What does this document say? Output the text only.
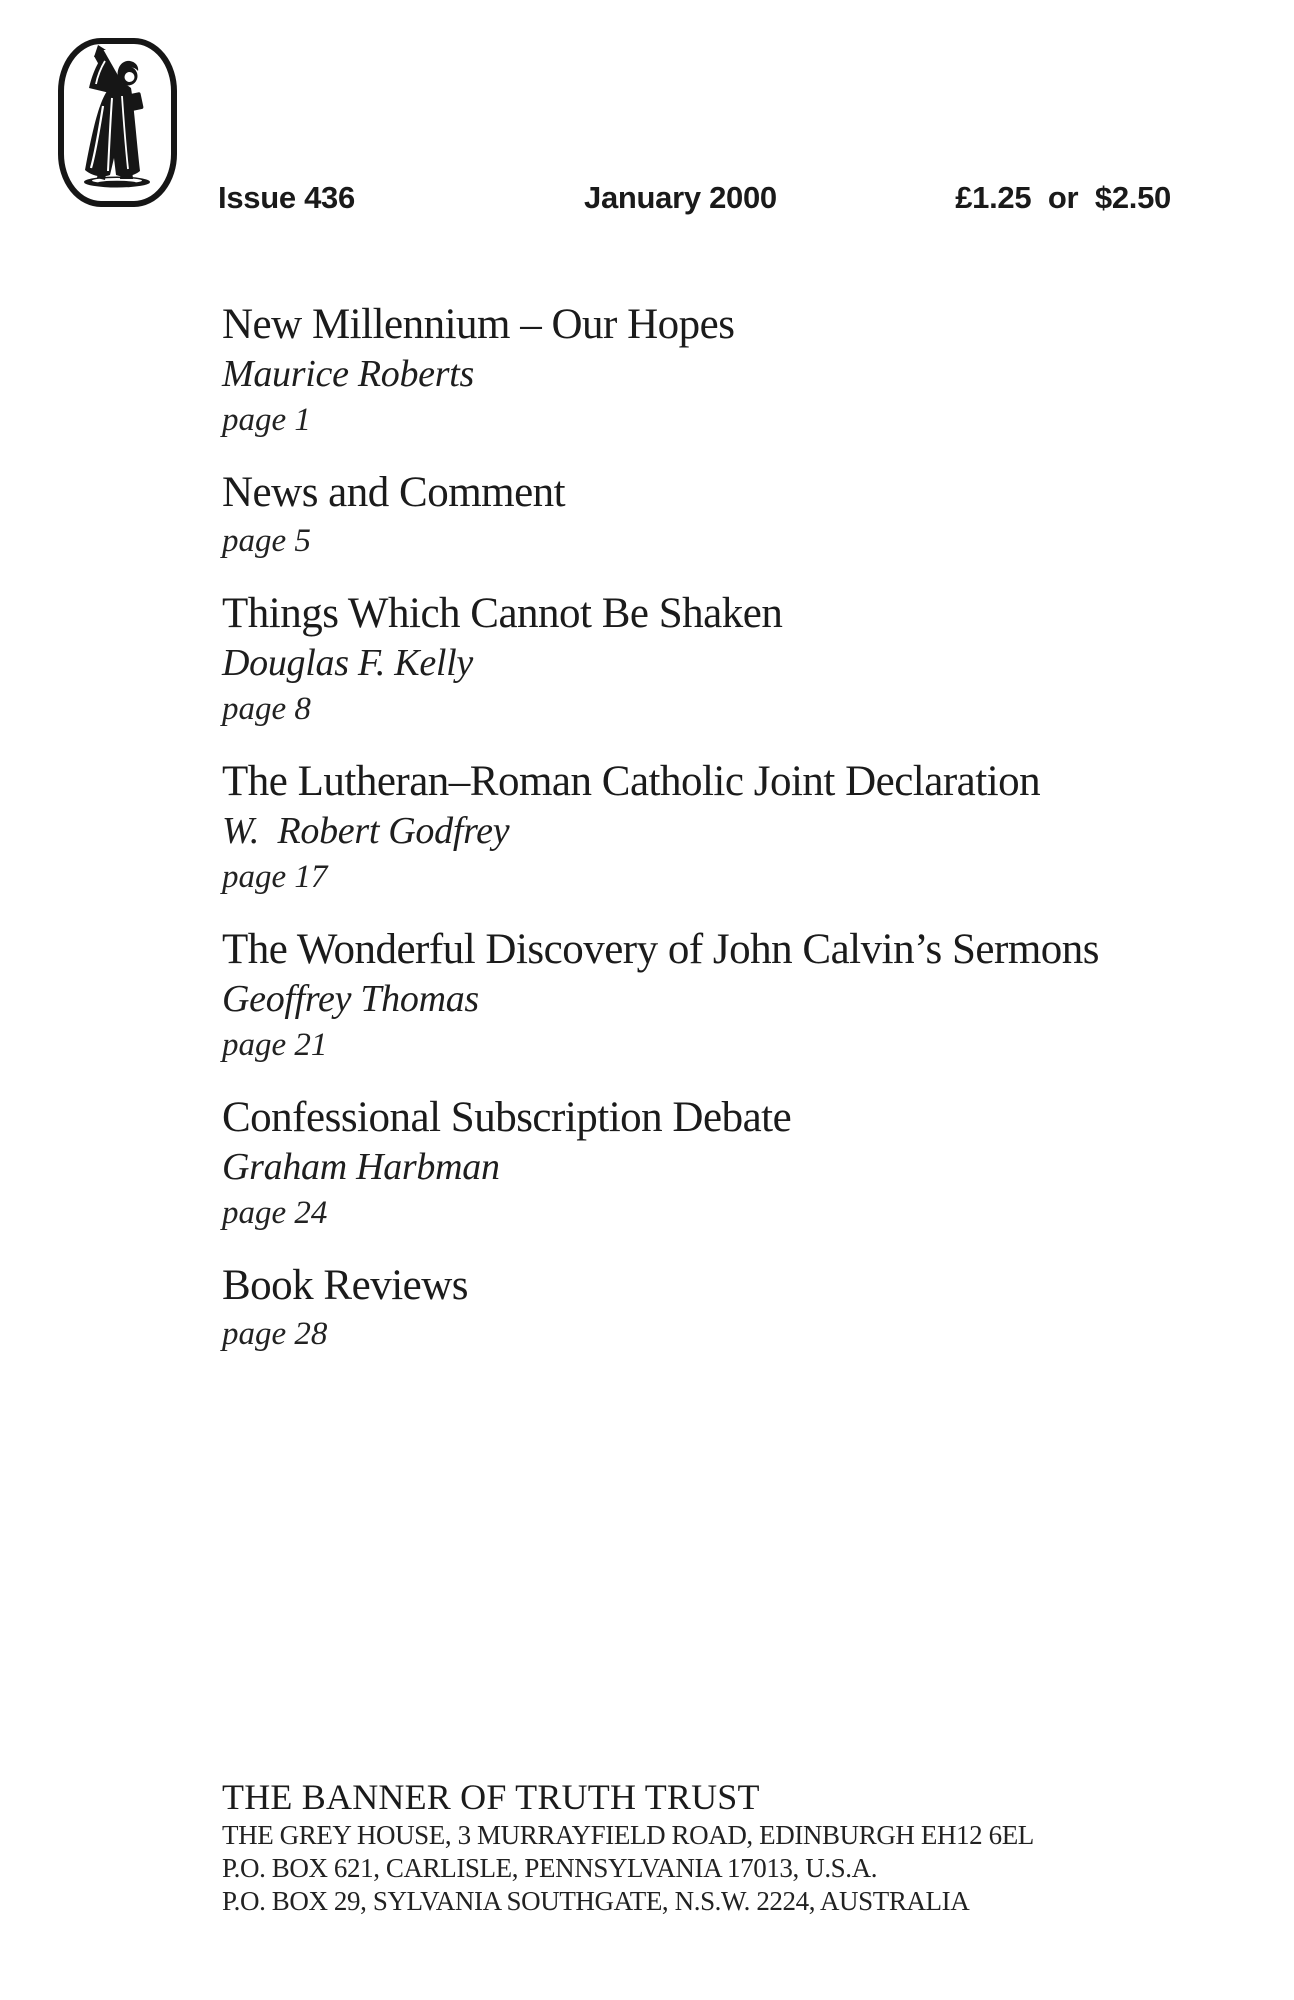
Issue 436	January 2000	£1.25  or  $2.50
New Millennium – Our Hopes
Maurice Roberts
page 1
News and Comment
page 5
Things Which Cannot Be Shaken
Douglas F. Kelly
page 8
The Lutheran–Roman Catholic Joint Declaration
W.  Robert Godfrey
page 17
The Wonderful Discovery of John Calvin’s Sermons
Geoffrey Thomas
page 21
Confessional Subscription Debate
Graham Harbman
page 24
Book Reviews
page 28
THE BANNER OF TRUTH TRUST
THE GREY HOUSE, 3 MURRAYFIELD ROAD, EDINBURGH EH12 6EL
P.O. BOX 621, CARLISLE, PENNSYLVANIA 17013, U.S.A.
P.O. BOX 29, SYLVANIA SOUTHGATE, N.S.W. 2224, AUSTRALIA
